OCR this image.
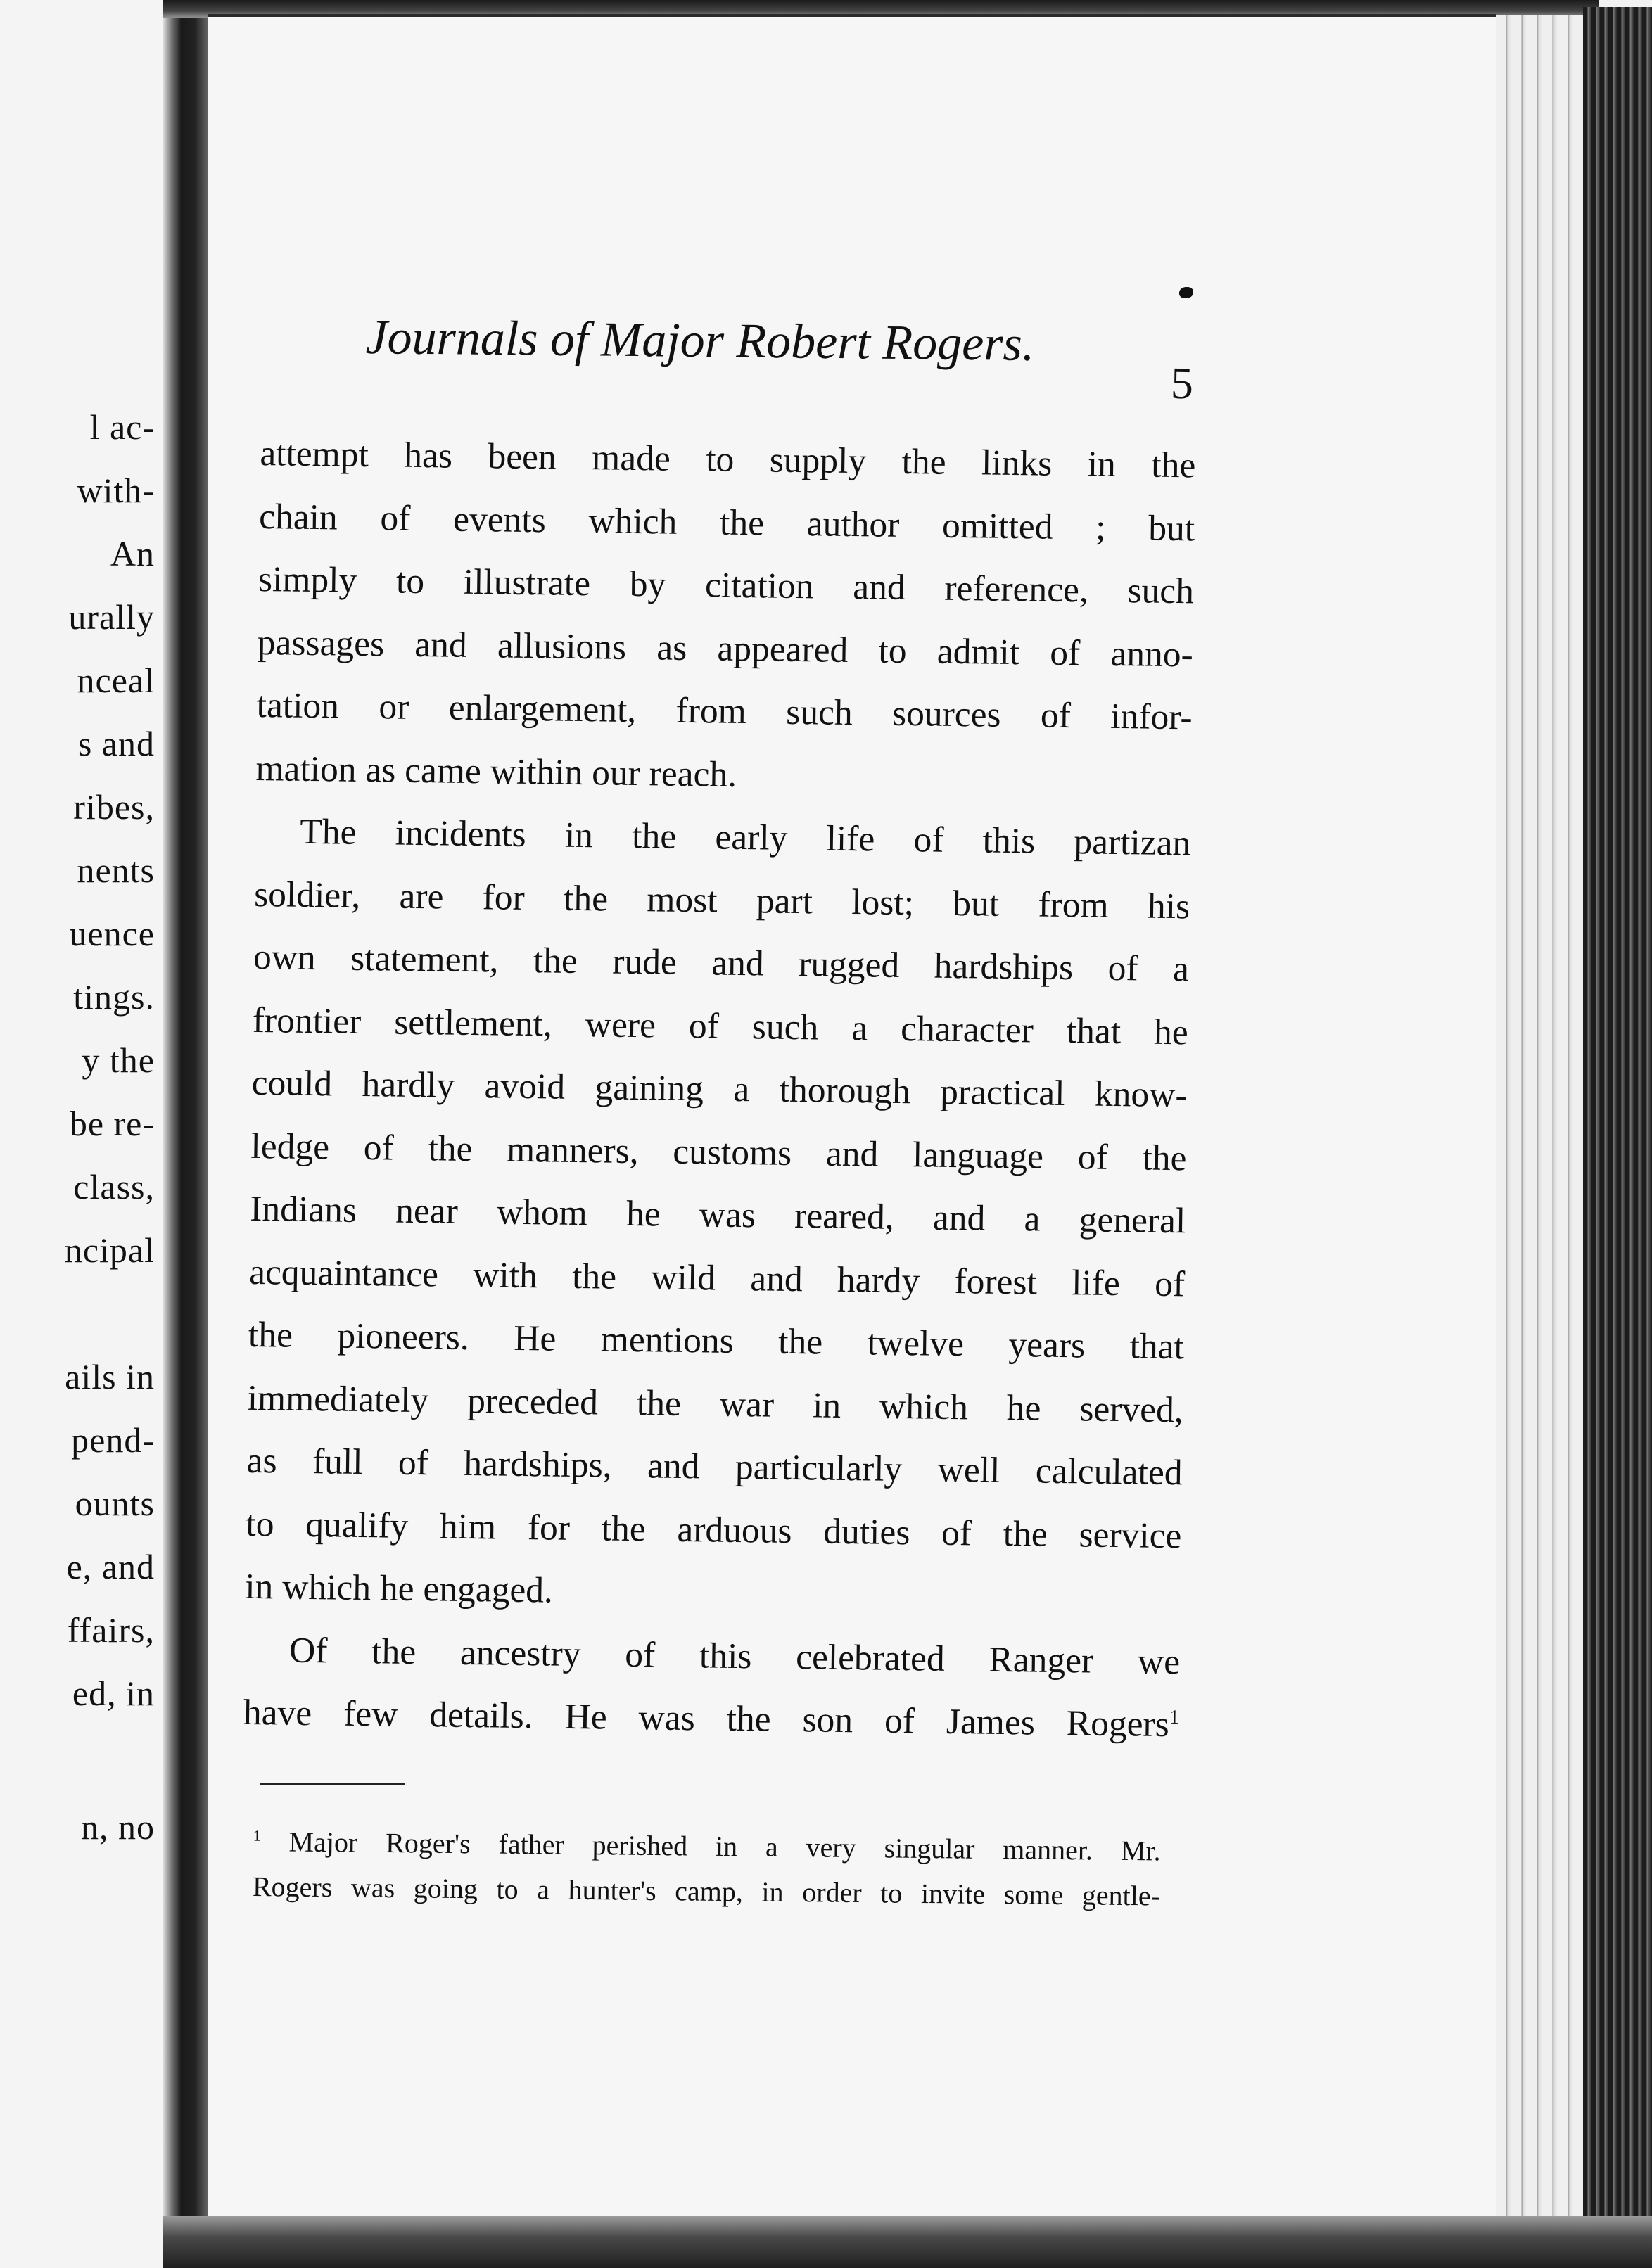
l ac-
with-
An
urally
nceal
s and
ribes,
nents
uence
tings.
y the
be re-
class,
ncipal
ails in
pend-
ounts
e, and
ffairs,
ed, in
n, no
Journals of Major Robert Rogers.
5
attempt has been made to supply the links in the
chain of events which the author omitted ; but
simply to illustrate by citation and reference, such
passages and allusions as appeared to admit of anno-
tation or enlargement, from such sources of infor-
mation as came within our reach.
The incidents in the early life of this partizan
soldier, are for the most part lost; but from his
own statement, the rude and rugged hardships of a
frontier settlement, were of such a character that he
could hardly avoid gaining a thorough practical know-
ledge of the manners, customs and language of the
Indians near whom he was reared, and a general
acquaintance with the wild and hardy forest life of
the pioneers. He mentions the twelve years that
immediately preceded the war in which he served,
as full of hardships, and particularly well calculated
to qualify him for the arduous duties of the service
in which he engaged.
Of the ancestry of this celebrated Ranger we
have few details. He was the son of James Rogers$^1$
$^1$ Major Roger's father perished in a very singular manner. Mr.
Rogers was going to a hunter's camp, in order to invite some gentle-
